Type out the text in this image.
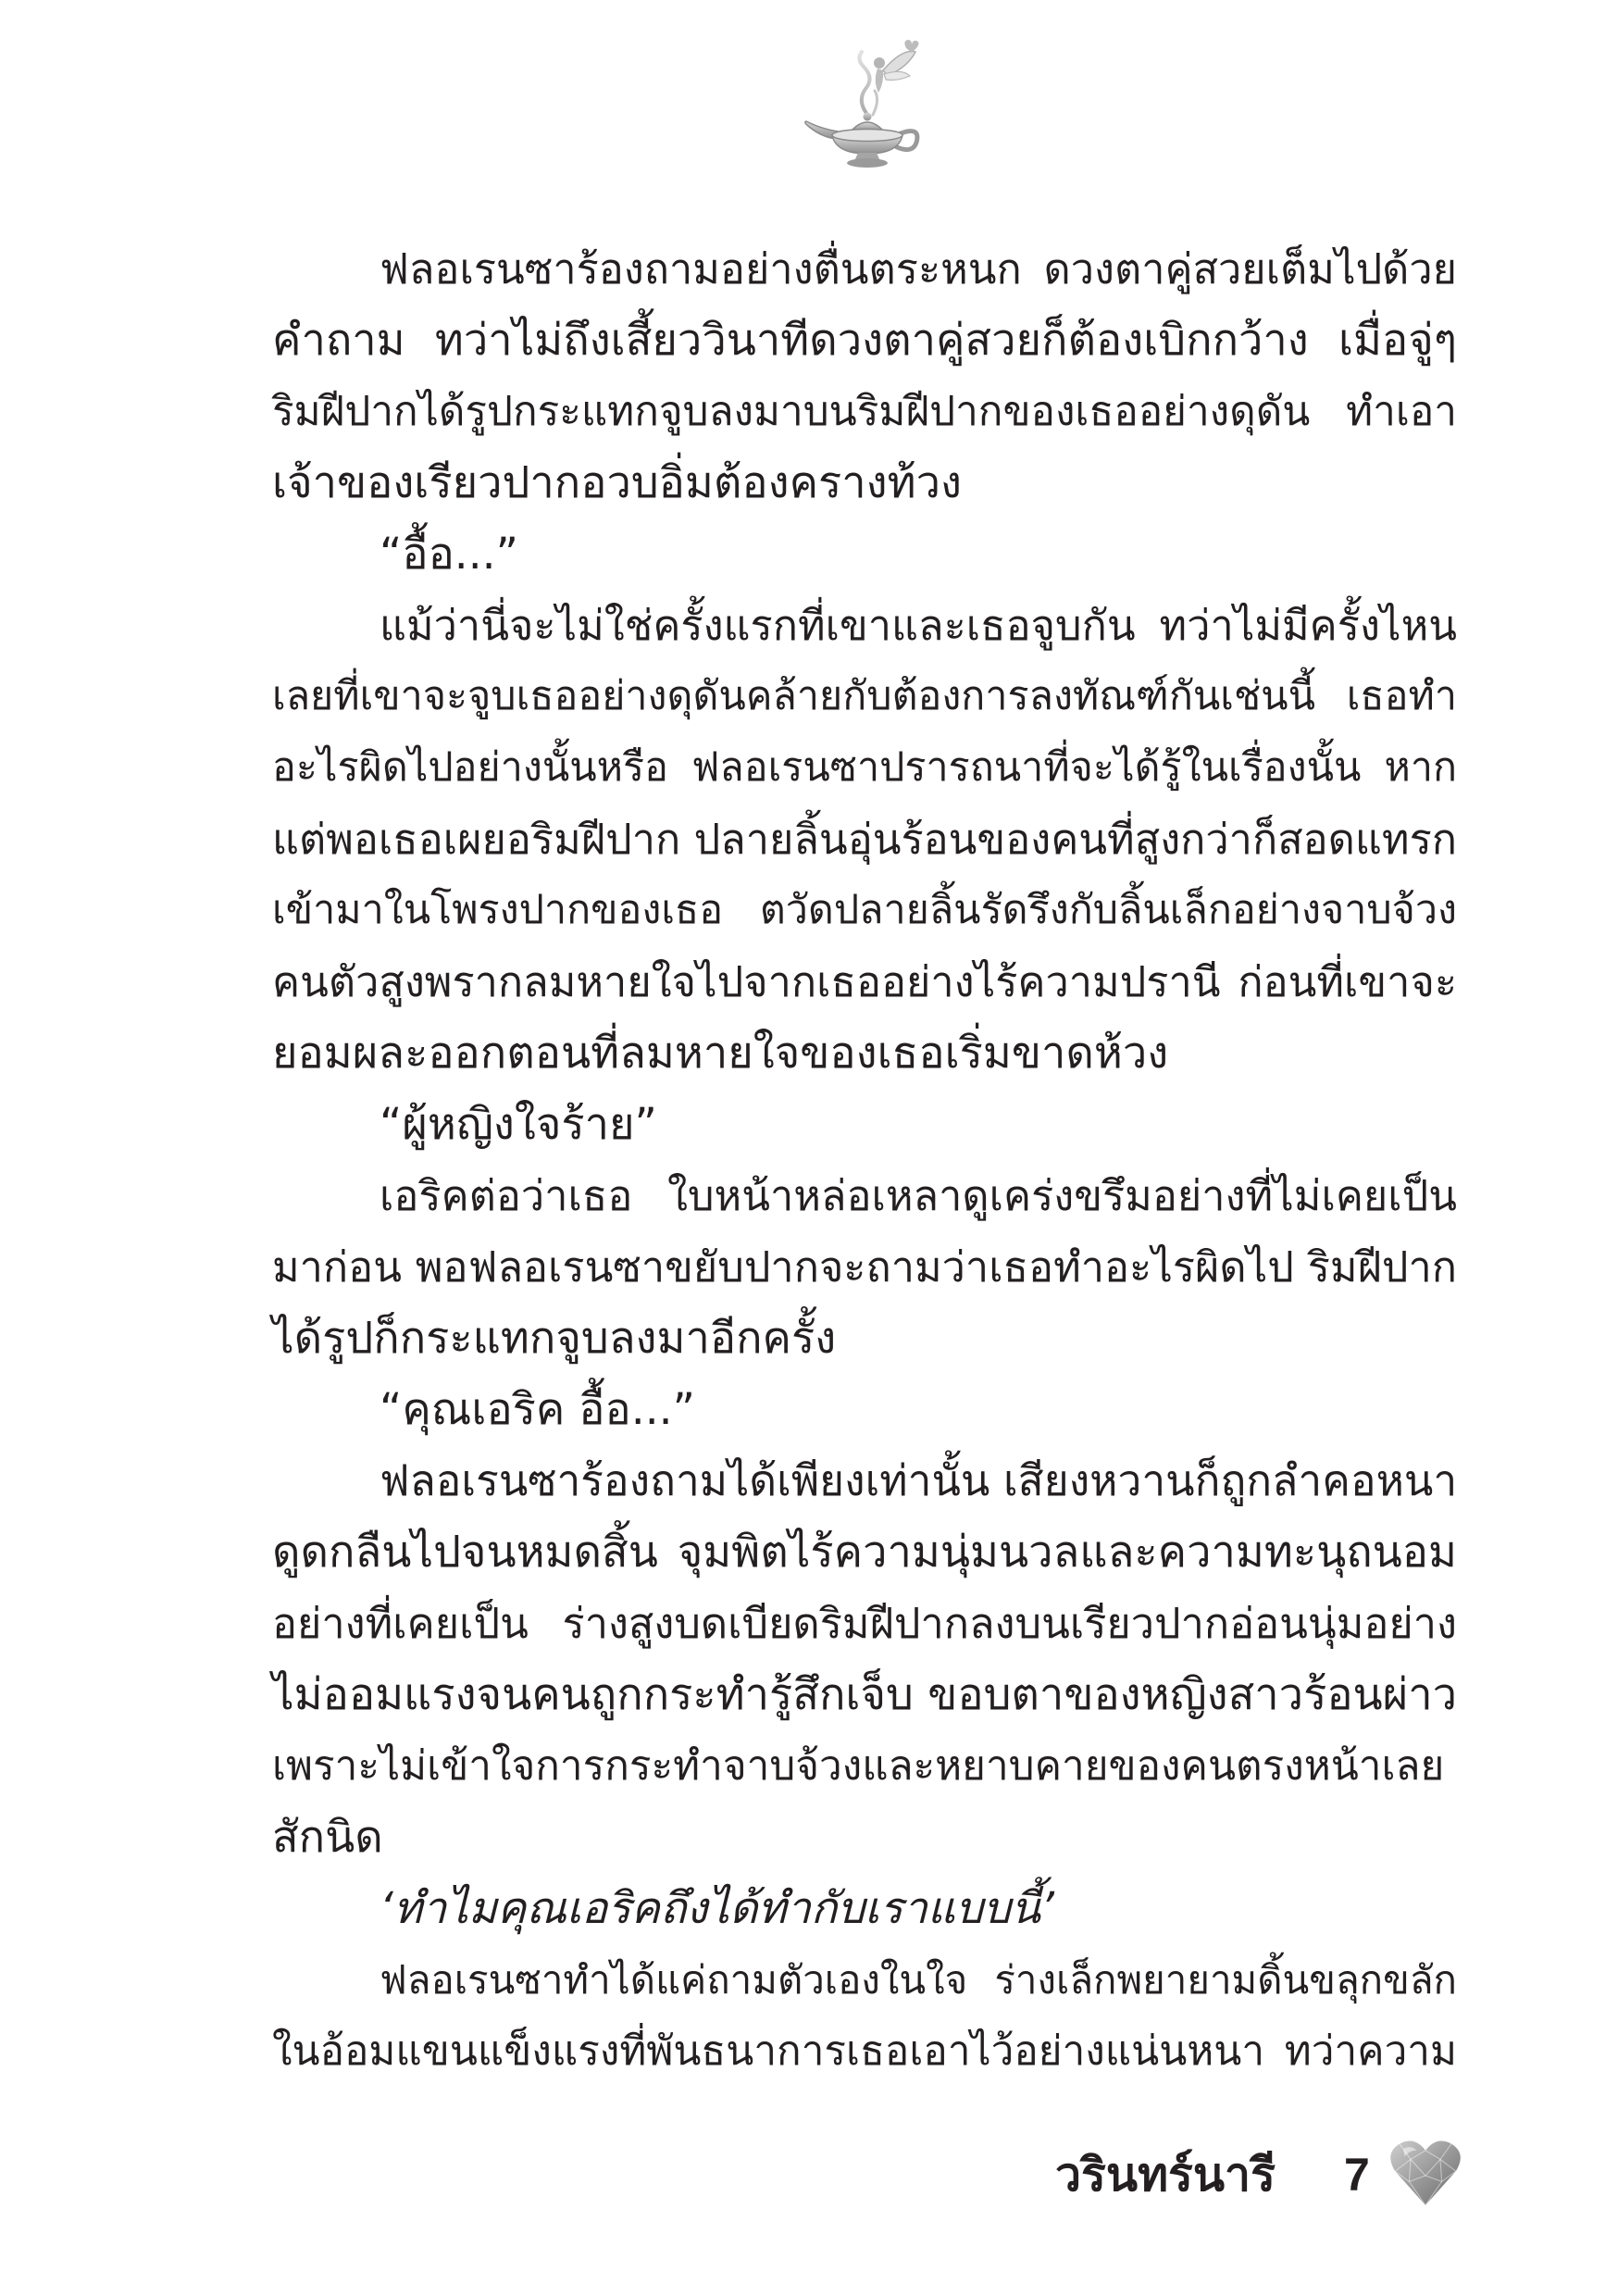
ฟลอเรนซาร้องถามอย่างตื่นตระหนก ดวงตาคู่สวยเต็มไปด้วย
คำถาม ทว่าไม่ถึงเสี้ยววินาทีดวงตาคู่สวยก็ต้องเบิกกว้าง เมื่อจู่ๆ
ริมฝีปากได้รูปกระแทกจูบลงมาบนริมฝีปากของเธออย่างดุดัน ทำเอา
เจ้าของเรียวปากอวบอิ่มต้องครางท้วง
“อื้อ...”
แม้ว่านี่จะไม่ใช่ครั้งแรกที่เขาและเธอจูบกัน ทว่าไม่มีครั้งไหน
เลยที่เขาจะจูบเธออย่างดุดันคล้ายกับต้องการลงทัณฑ์กันเช่นนี้ เธอทำ
อะไรผิดไปอย่างนั้นหรือ ฟลอเรนซาปรารถนาที่จะได้รู้ในเรื่องนั้น หาก
แต่พอเธอเผยอริมฝีปาก ปลายลิ้นอุ่นร้อนของคนที่สูงกว่าก็สอดแทรก
เข้ามาในโพรงปากของเธอ ตวัดปลายลิ้นรัดรึงกับลิ้นเล็กอย่างจาบจ้วง
คนตัวสูงพรากลมหายใจไปจากเธออย่างไร้ความปรานี ก่อนที่เขาจะ
ยอมผละออกตอนที่ลมหายใจของเธอเริ่มขาดห้วง
“ผู้หญิงใจร้าย”
เอริคต่อว่าเธอ ใบหน้าหล่อเหลาดูเคร่งขรึมอย่างที่ไม่เคยเป็น
มาก่อน พอฟลอเรนซาขยับปากจะถามว่าเธอทำอะไรผิดไป ริมฝีปาก
ได้รูปก็กระแทกจูบลงมาอีกครั้ง
“คุณเอริค อื้อ...”
ฟลอเรนซาร้องถามได้เพียงเท่านั้น เสียงหวานก็ถูกลำคอหนา
ดูดกลืนไปจนหมดสิ้น จุมพิตไร้ความนุ่มนวลและความทะนุถนอม
อย่างที่เคยเป็น ร่างสูงบดเบียดริมฝีปากลงบนเรียวปากอ่อนนุ่มอย่าง
ไม่ออมแรงจนคนถูกกระทำรู้สึกเจ็บ ขอบตาของหญิงสาวร้อนผ่าว
เพราะไม่เข้าใจการกระทำจาบจ้วงและหยาบคายของคนตรงหน้าเลย
สักนิด
‘ทำไมคุณเอริคถึงได้ทำกับเราแบบนี้’
ฟลอเรนซาทำได้แค่ถามตัวเองในใจ ร่างเล็กพยายามดิ้นขลุกขลัก
ในอ้อมแขนแข็งแรงที่พันธนาการเธอเอาไว้อย่างแน่นหนา ทว่าความ
วรินทร์นารี 7
